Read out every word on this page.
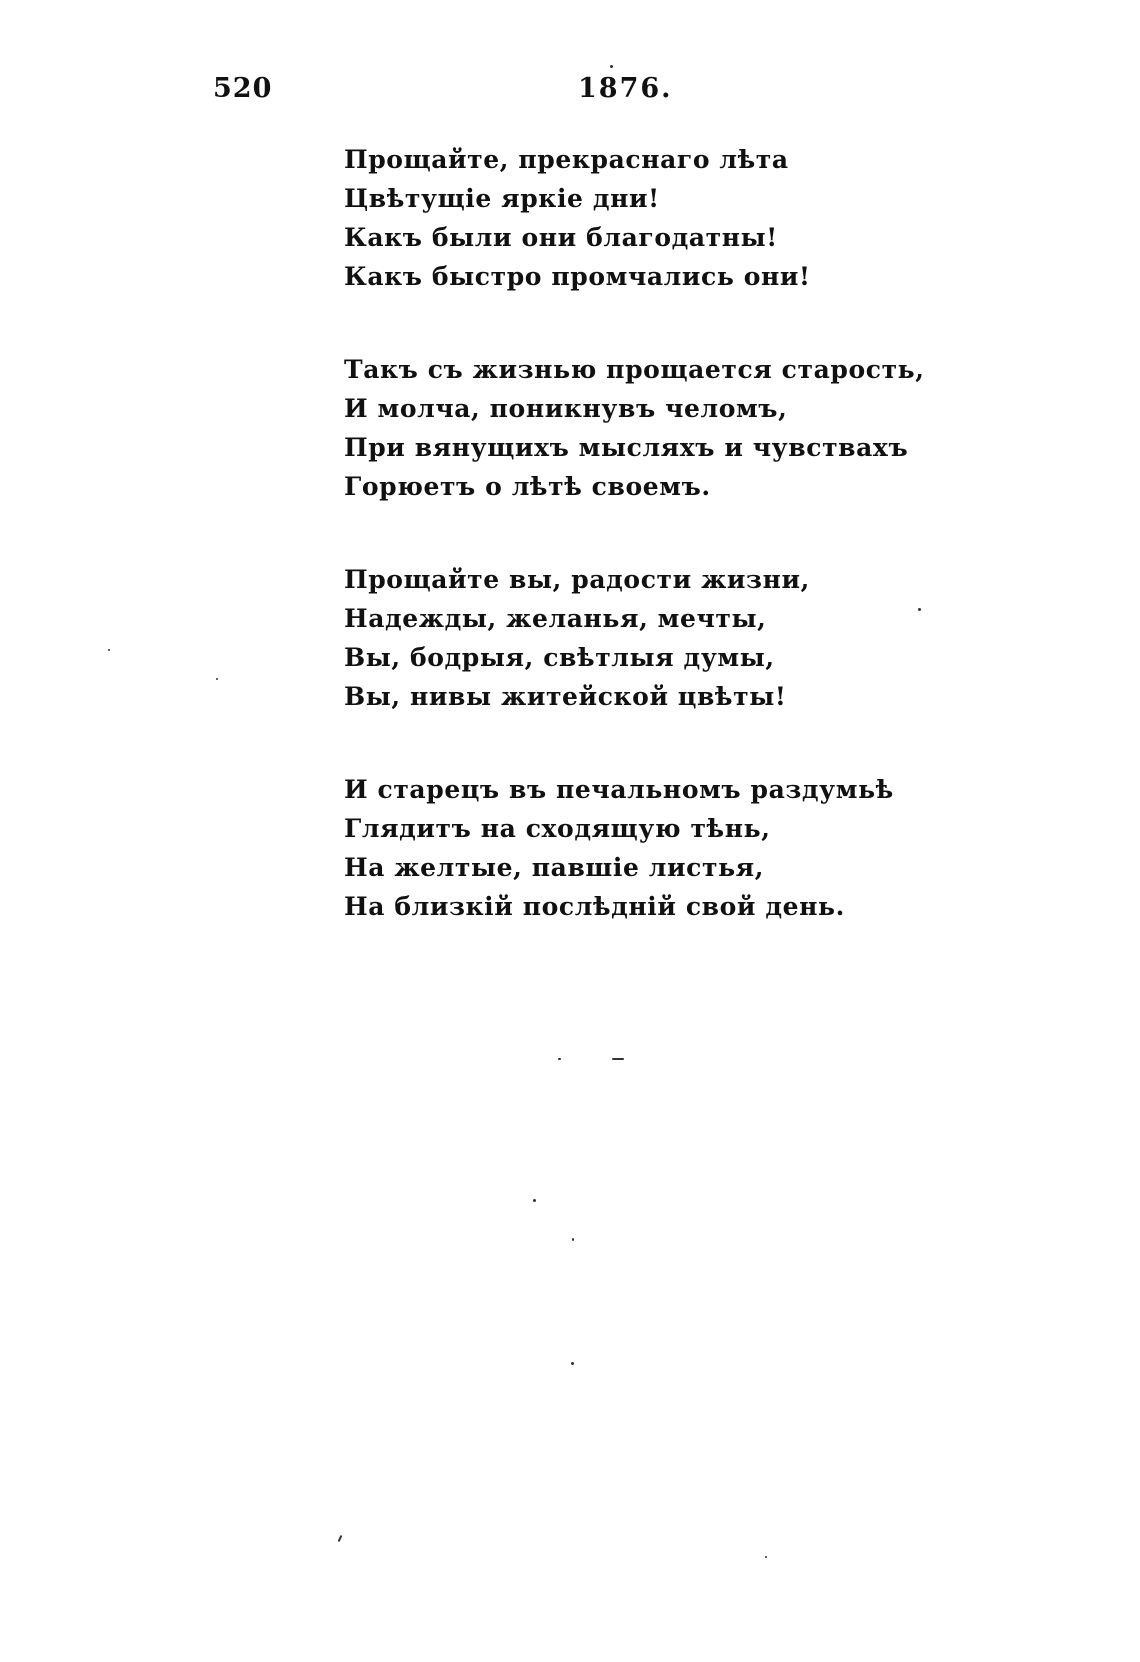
520	1876.
Прощайте, прекраснаго лѣта
Цвѣтущіе яркіе дни!
Какъ были они благодатны!
Какъ быстро промчались они!
Такъ съ жизнью прощается старость,
И молча, поникнувъ челомъ,
При вянущихъ мысляхъ и чувствахъ
Горюетъ о лѣтѣ своемъ.
Прощайте вы, радости жизни,
Надежды, желанья, мечты,
Вы, бодрыя, свѣтлыя думы,
Вы, нивы житейской цвѣты!
И старецъ въ печальномъ раздумьѣ
Глядитъ на сходящую тѣнь,
На желтые, павшіе листья,
На близкій послѣдній свой день.
